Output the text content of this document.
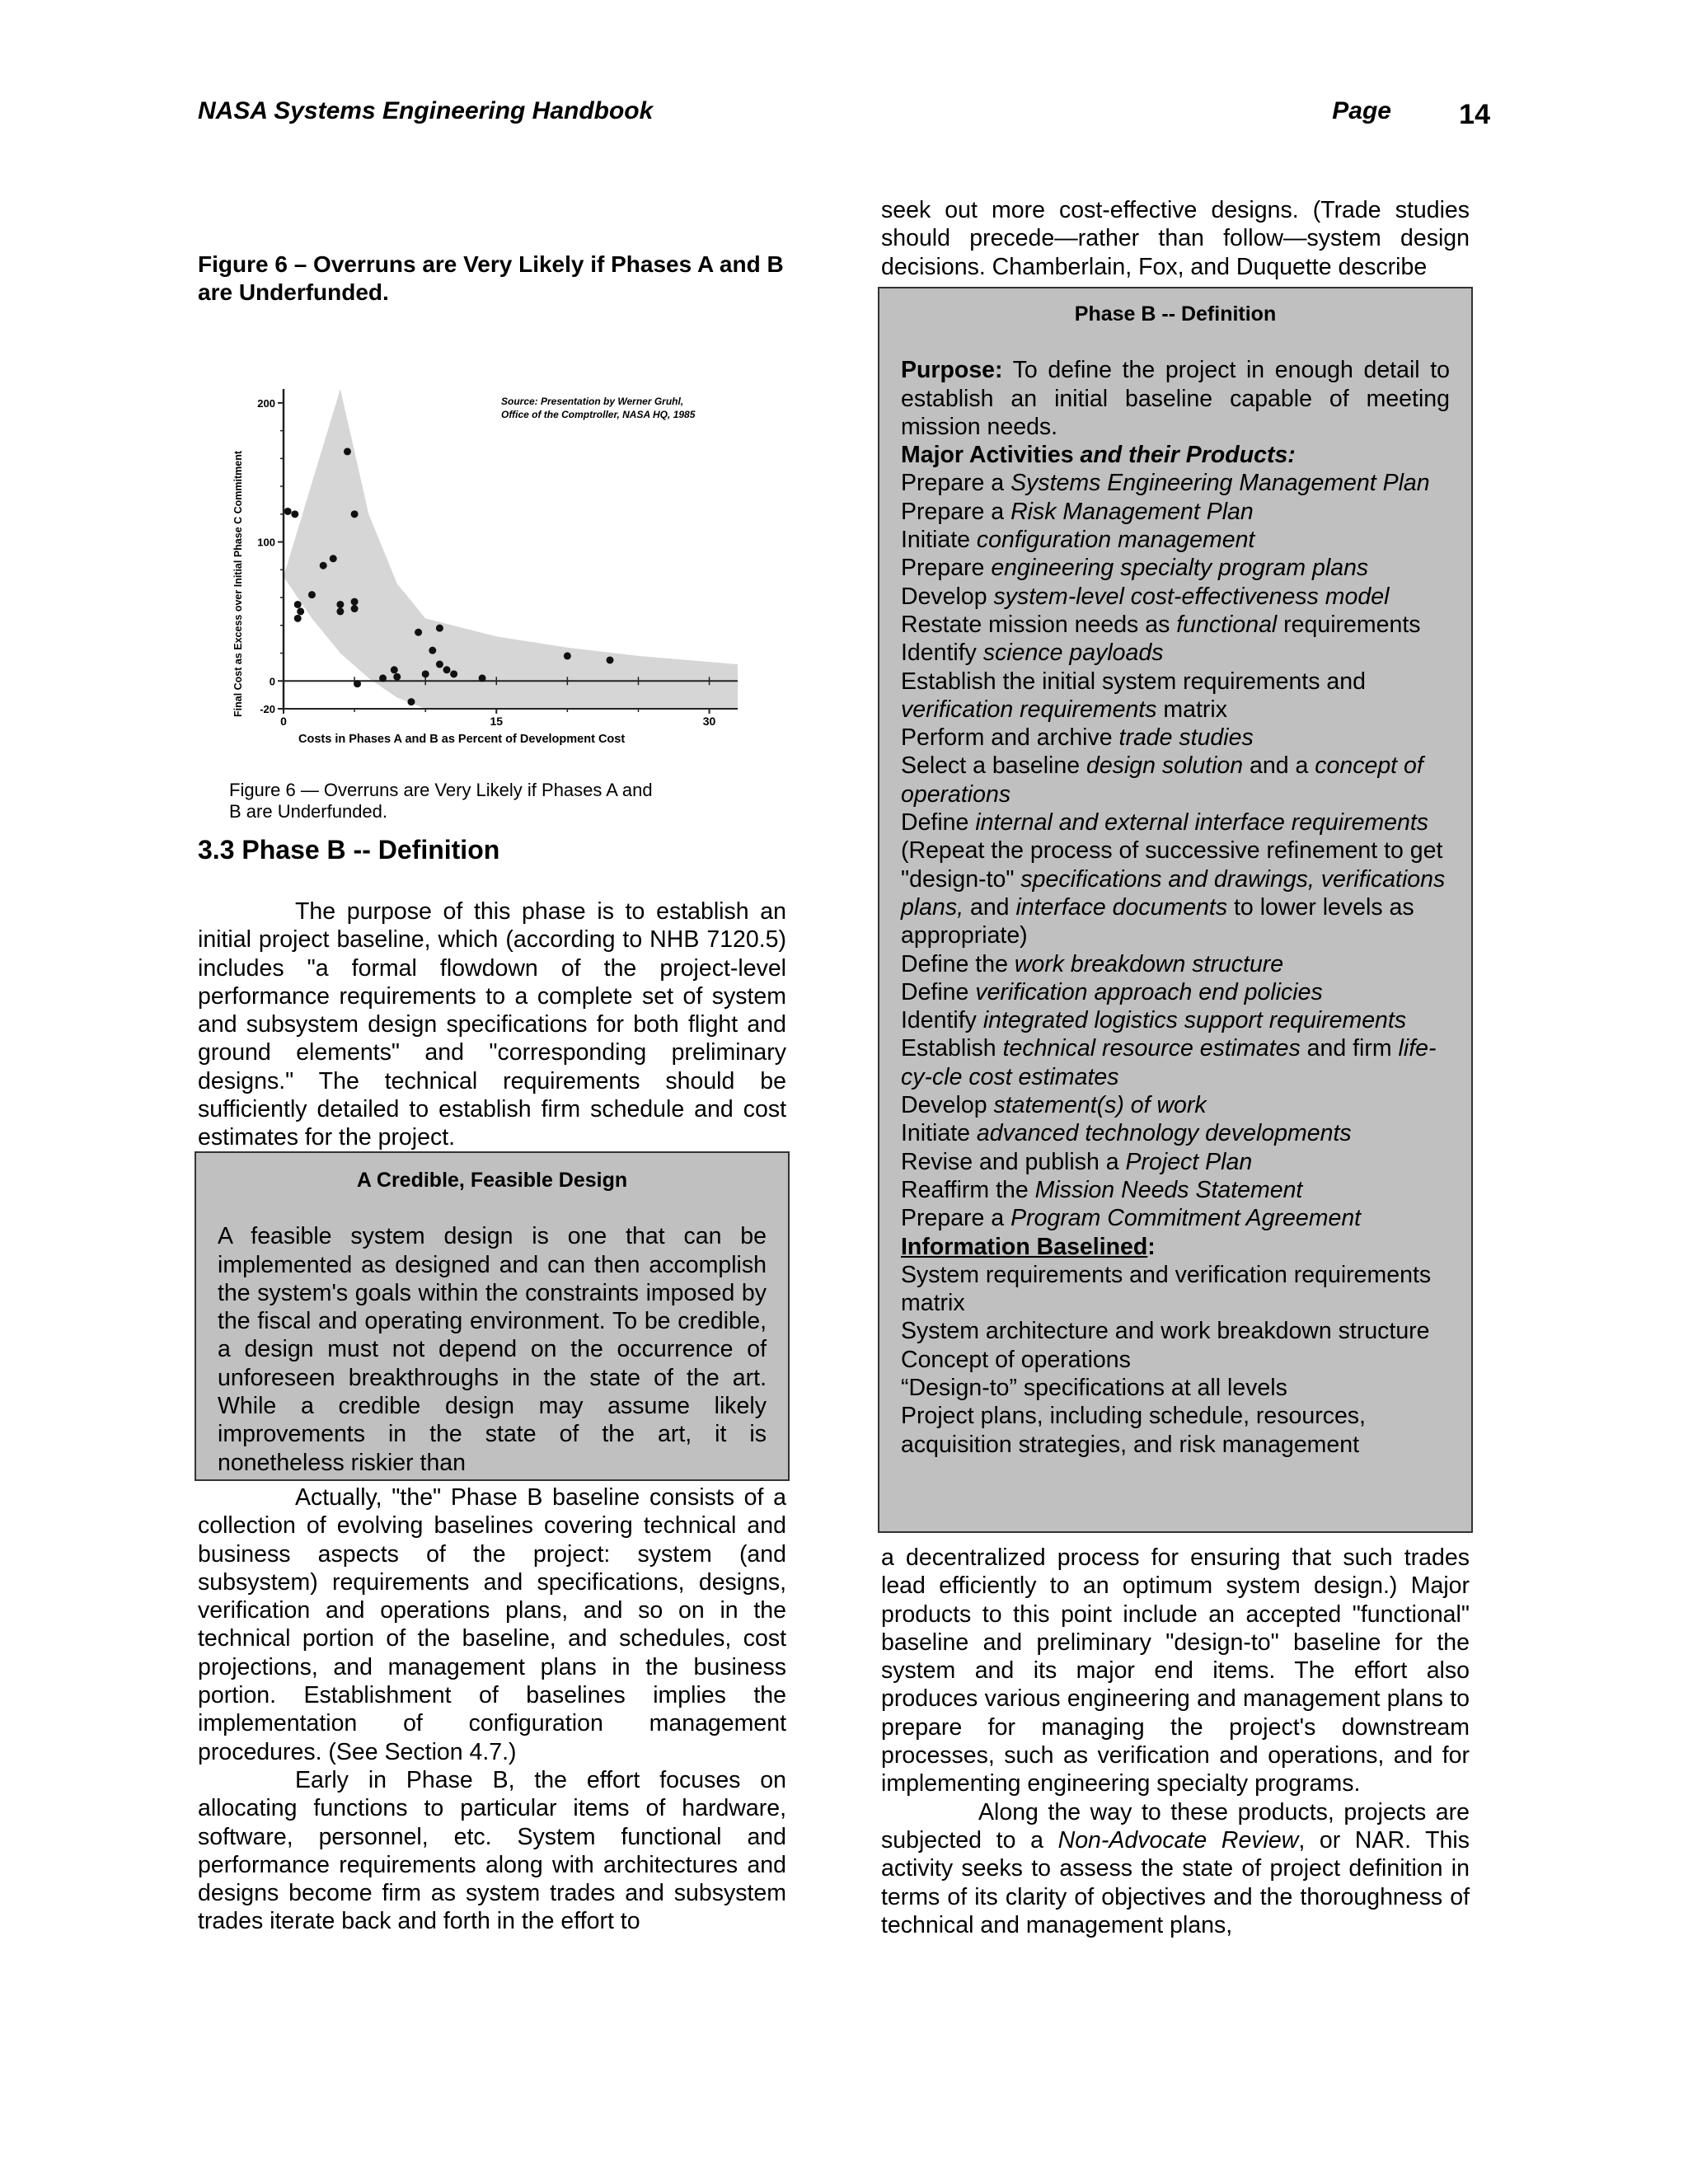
NASA Systems Engineering Handbook	Page 14

Figure 6 – Overruns are Very Likely if Phases A and B are Underfunded.

200
100
0
-20
0	15	30
Source: Presentation by Werner Gruhl,
Office of the Comptroller, NASA HQ, 1985
Final Cost as Excess over Initial Phase C Commitment
Costs in Phases A and B as Percent of Development Cost
Figure 6 — Overruns are Very Likely if Phases A and
B are Underfunded.

3.3 Phase B -- Definition

The purpose of this phase is to establish an initial project baseline, which (according to NHB 7120.5) includes "a formal flowdown of the project-level performance requirements to a complete set of system and subsystem design specifications for both flight and ground elements" and "corresponding preliminary designs." The technical requirements should be sufficiently detailed to establish firm schedule and cost estimates for the project.

A Credible, Feasible Design

A feasible system design is one that can be implemented as designed and can then accomplish the system's goals within the constraints imposed by the fiscal and operating environment. To be credible, a design must not depend on the occurrence of unforeseen breakthroughs in the state of the art. While a credible design may assume likely improvements in the state of the art, it is nonetheless riskier than

Actually, "the" Phase B baseline consists of a collection of evolving baselines covering technical and business aspects of the project: system (and subsystem) requirements and specifications, designs, verification and operations plans, and so on in the technical portion of the baseline, and schedules, cost projections, and management plans in the business portion. Establishment of baselines implies the implementation of configuration management procedures. (See Section 4.7.)

Early in Phase B, the effort focuses on allocating functions to particular items of hardware, software, personnel, etc. System functional and performance requirements along with architectures and designs become firm as system trades and subsystem trades iterate back and forth in the effort to

seek out more cost-effective designs. (Trade studies should precede—rather than follow—system design decisions. Chamberlain, Fox, and Duquette describe

Phase B -- Definition

Purpose: To define the project in enough detail to establish an initial baseline capable of meeting mission needs.

Major Activities and their Products:

Prepare a Systems Engineering Management Plan

Prepare a Risk Management Plan

Initiate configuration management

Prepare engineering specialty program plans

Develop system-level cost-effectiveness model

Restate mission needs as functional requirements

Identify science payloads

Establish the initial system requirements and verification requirements matrix

Perform and archive trade studies

Select a baseline design solution and a concept of operations

Define internal and external interface requirements

(Repeat the process of successive refinement to get "design-to" specifications and drawings, verifications plans, and interface documents to lower levels as appropriate)

Define the work breakdown structure

Define verification approach end policies

Identify integrated logistics support requirements

Establish technical resource estimates and firm life-cy-cle cost estimates

Develop statement(s) of work

Initiate advanced technology developments

Revise and publish a Project Plan

Reaffirm the Mission Needs Statement

Prepare a Program Commitment Agreement

Information Baselined:

System requirements and verification requirements matrix

System architecture and work breakdown structure

Concept of operations

“Design-to” specifications at all levels

Project plans, including schedule, resources, acquisition strategies, and risk management

a decentralized process for ensuring that such trades lead efficiently to an optimum system design.) Major products to this point include an accepted "functional" baseline and preliminary "design-to" baseline for the system and its major end items. The effort also produces various engineering and management plans to prepare for managing the project's downstream processes, such as verification and operations, and for implementing engineering specialty programs.

Along the way to these products, projects are subjected to a Non-Advocate Review, or NAR. This activity seeks to assess the state of project definition in terms of its clarity of objectives and the thoroughness of technical and management plans,
